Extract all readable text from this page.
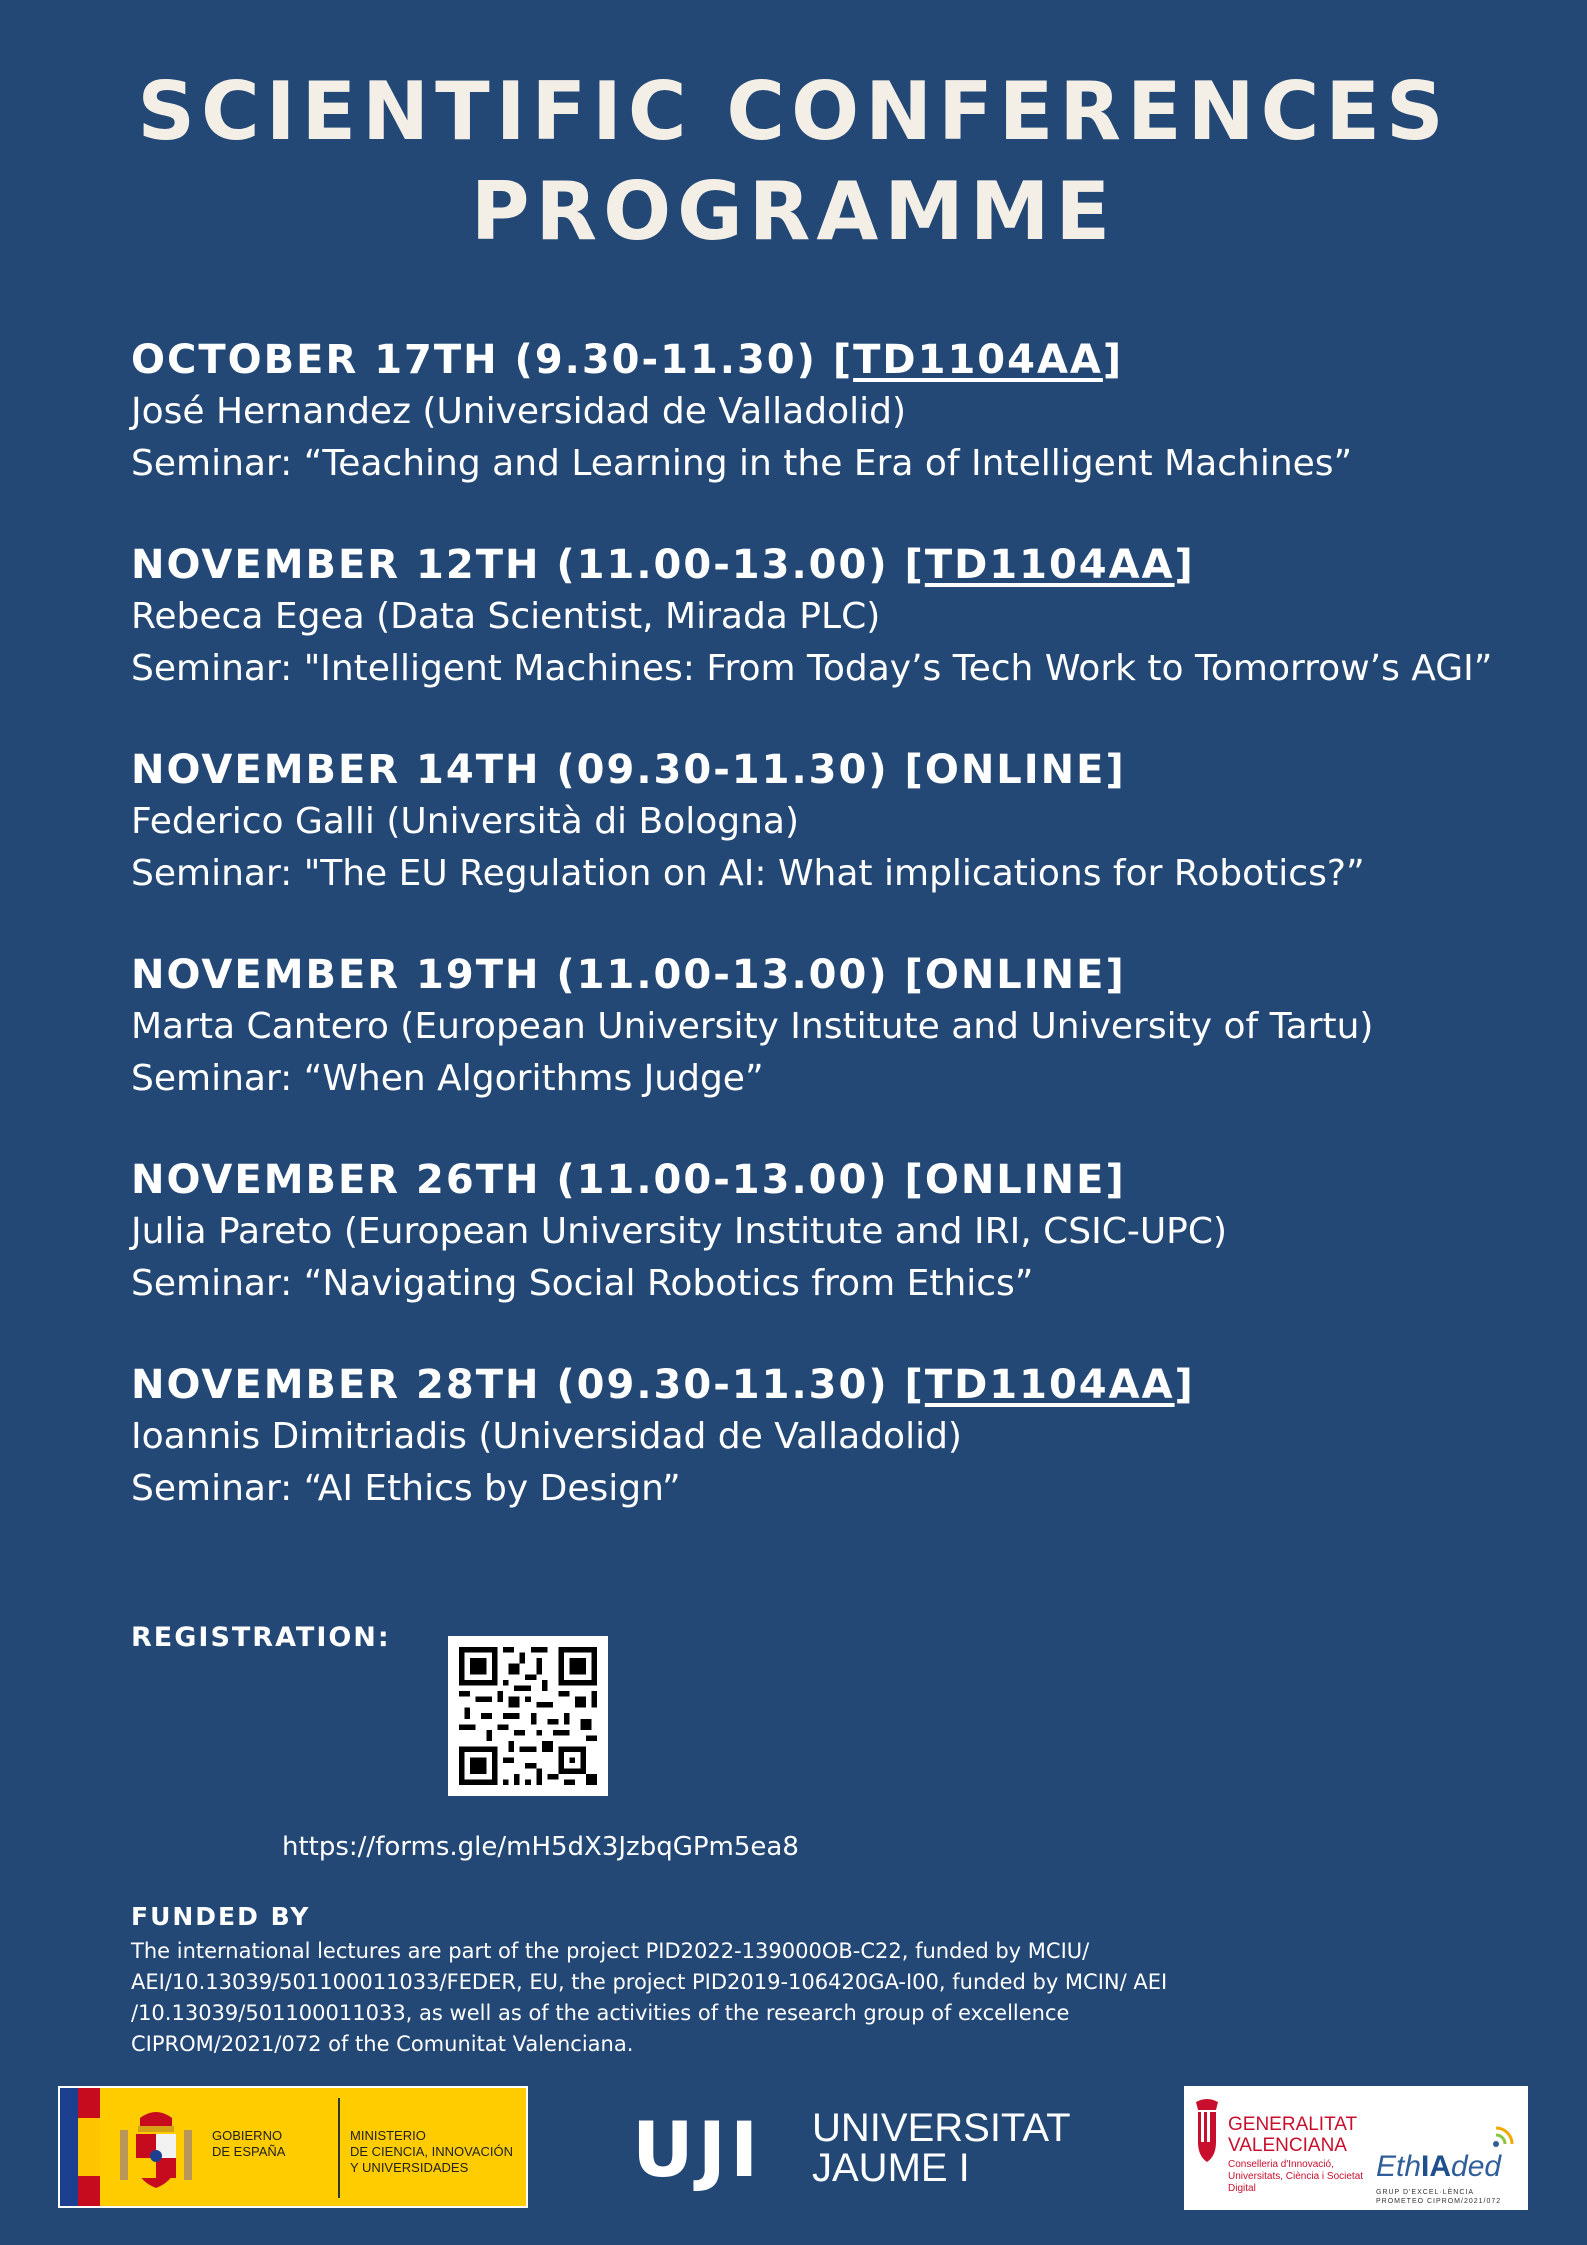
SCIENTIFIC CONFERENCES
PROGRAMME
OCTOBER 17TH (9.30-11.30) [TD1104AA]
José Hernandez (Universidad de Valladolid)
Seminar: “Teaching and Learning in the Era of Intelligent Machines”
NOVEMBER 12TH (11.00-13.00) [TD1104AA]
Rebeca Egea (Data Scientist, Mirada PLC)
Seminar: "Intelligent Machines: From Today’s Tech Work to Tomorrow’s AGI”
NOVEMBER 14TH (09.30-11.30) [ONLINE]
Federico Galli (Università di Bologna)
Seminar: "The EU Regulation on AI: What implications for Robotics?”
NOVEMBER 19TH (11.00-13.00) [ONLINE]
Marta Cantero (European University Institute and University of Tartu)
Seminar: “When Algorithms Judge”
NOVEMBER 26TH (11.00-13.00) [ONLINE]
Julia Pareto (European University Institute and IRI, CSIC-UPC)
Seminar: “Navigating Social Robotics from Ethics”
NOVEMBER 28TH (09.30-11.30) [TD1104AA]
Ioannis Dimitriadis (Universidad de Valladolid)
Seminar: “AI Ethics by Design”
REGISTRATION:
https://forms.gle/mH5dX3JzbqGPm5ea8
FUNDED BY
The international lectures are part of the project PID2022-139000OB-C22, funded by MCIU/ AEI/10.13039/501100011033/FEDER, EU, the project PID2019-106420GA-I00, funded by MCIN/ AEI /10.13039/501100011033, as well as of the activities of the research group of excellence CIPROM/2021/072 of the Comunitat Valenciana.
GOBIERNO
DE ESPAÑA
MINISTERIO
DE CIENCIA, INNOVACIÓN
Y UNIVERSIDADES	UJI UNIVERSITAT
JAUME I
GENERALITAT
VALENCIANA
Conselleria d'Innovació, Universitats, Ciència i Societat Digital
EthIAded
GRUP D'EXCEL·LÈNCIA PROMETEO CIPROM/2021/072
